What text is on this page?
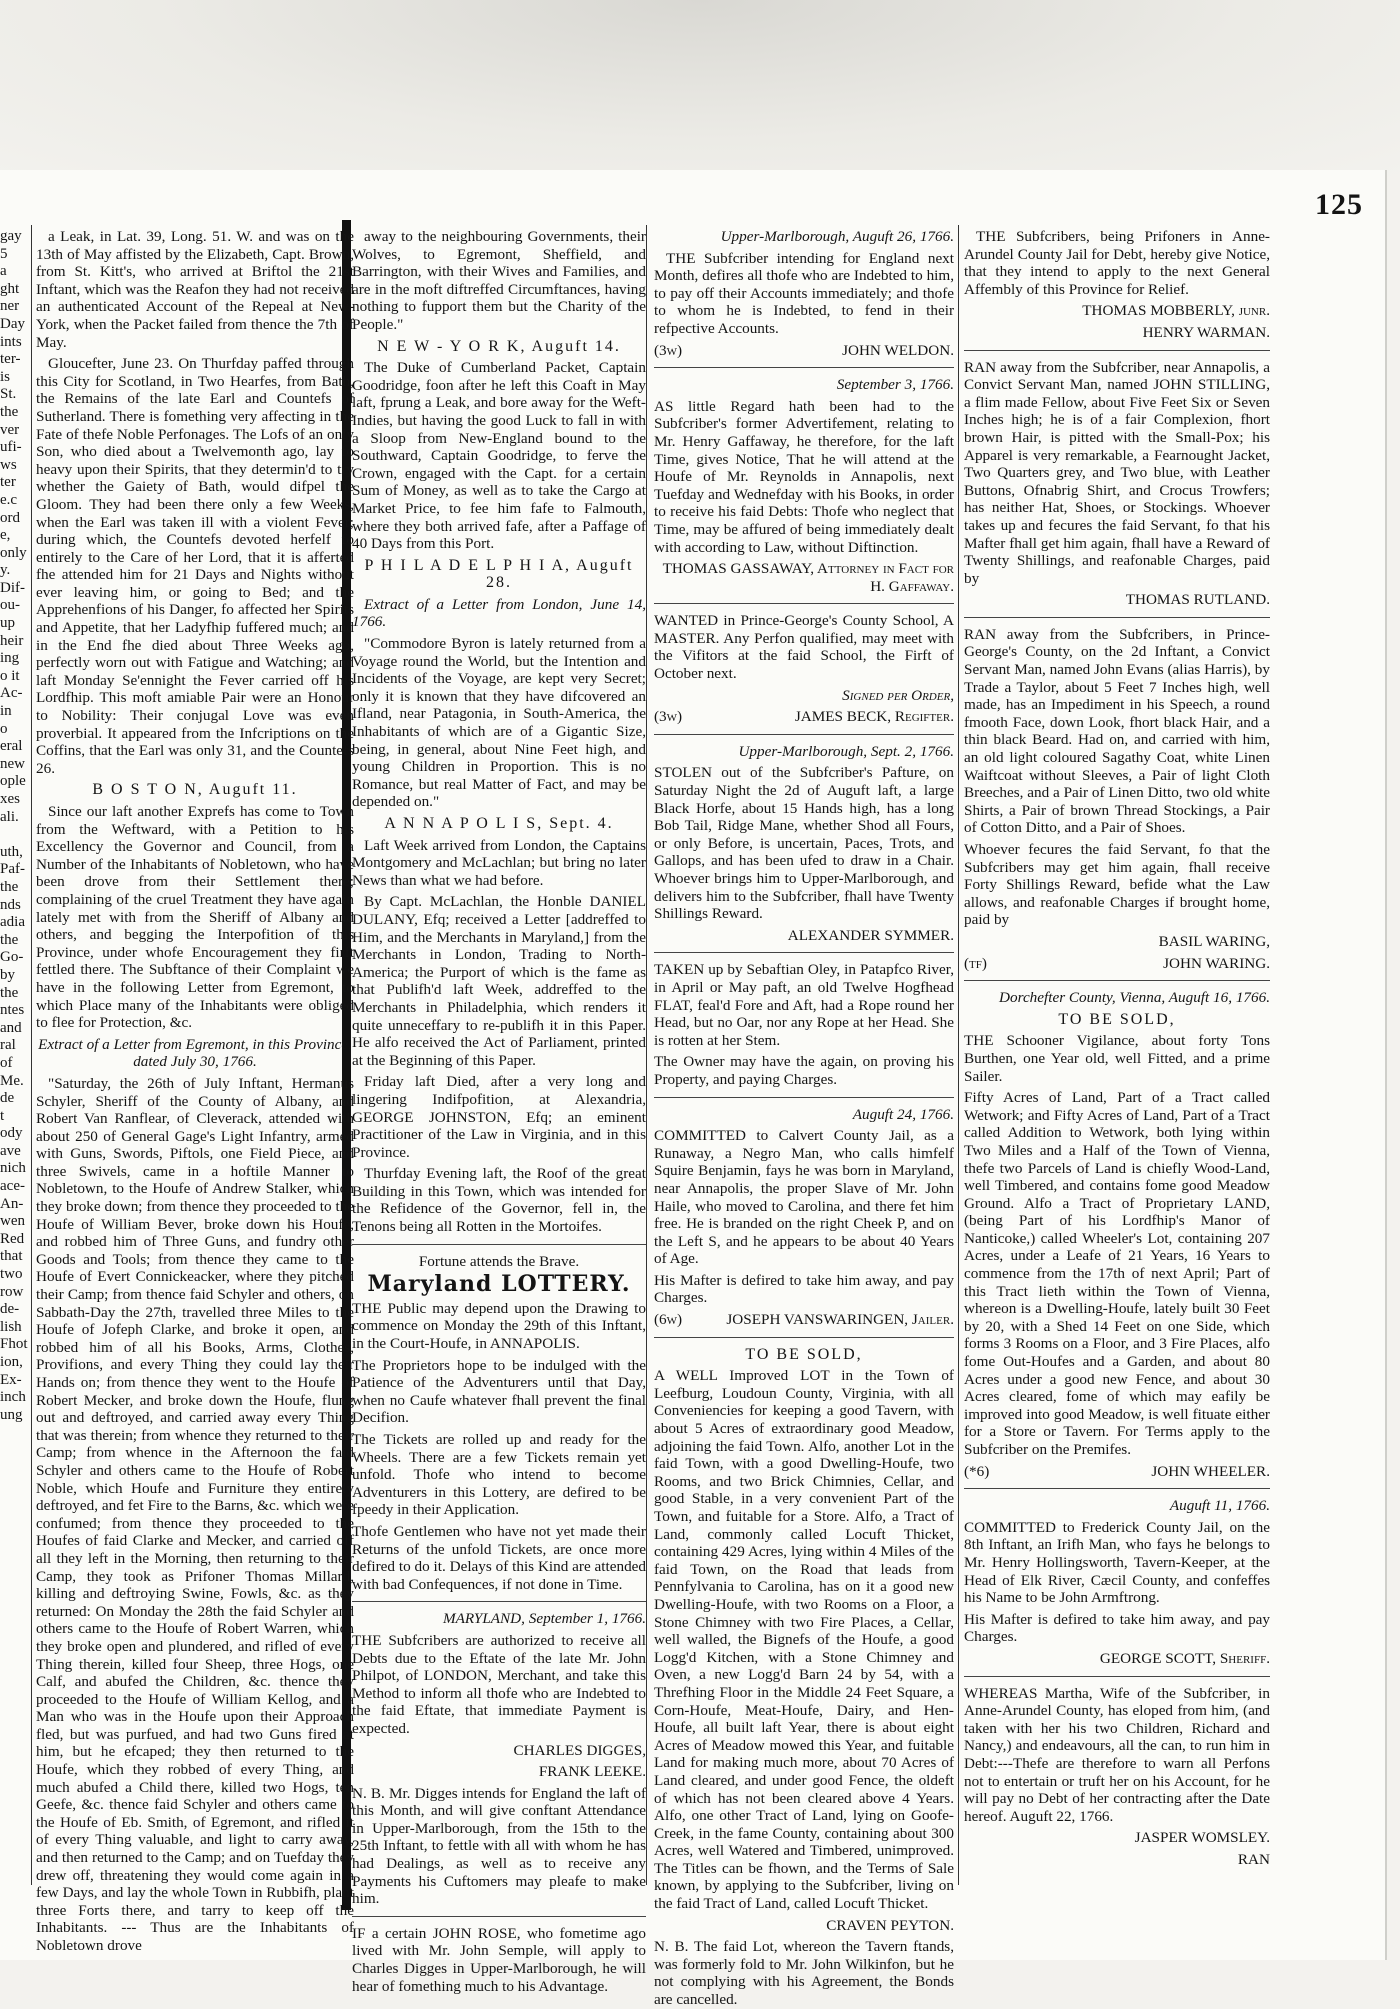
125
gay
5
a
ght
ner
Day
ints
ter-
is
St.
the
ver
ufi-
ws
ter
e.c
ord
e,
only
y.
Dif-
ou-
up
heir
ing
o it
Ac-
in
o
eral
new
ople
xes
ali.

uth,
Paf-
the
nds
adia
the
Go-
by
the
ntes
and
ral
of
Me.
de
t
ody
ave
nich
ace-
An-
wen
Red
that
two
row
de-
lish
Fhot
ion,
Ex-
inch
ung

a Leak, in Lat. 39, Long. 51. W. and was on the 13th of May affisted by the Elizabeth, Capt. Brown, from St. Kitt's, who arrived at Briftol the 21st Inftant, which was the Reafon they had not received an authenticated Account of the Repeal at New-York, when the Packet failed from thence the 7th of May.

Gloucefter, June 23. On Thurfday paffed through this City for Scotland, in Two Hearfes, from Bath, the Remains of the late Earl and Countefs of Sutherland. There is fomething very affecting in the Fate of thefe Noble Perfonages. The Lofs of an only Son, who died about a Twelvemonth ago, lay fo heavy upon their Spirits, that they determin'd to try whether the Gaiety of Bath, would difpel the Gloom. They had been there only a few Weeks, when the Earl was taken ill with a violent Fever; during which, the Countefs devoted herfelf fo entirely to the Care of her Lord, that it is afferted fhe attended him for 21 Days and Nights without ever leaving him, or going to Bed; and the Apprehenfions of his Danger, fo affected her Spirits and Appetite, that her Ladyfhip fuffered much; and in the End fhe died about Three Weeks ago, perfectly worn out with Fatigue and Watching; and laft Monday Se'ennight the Fever carried off his Lordfhip. This moft amiable Pair were an Honour to Nobility: Their conjugal Love was even proverbial. It appeared from the Infcriptions on the Coffins, that the Earl was only 31, and the Countefs 26.

B O S T O N, Auguft 11.

Since our laft another Exprefs has come to Town from the Weftward, with a Petition to his Excellency the Governor and Council, from a Number of the Inhabitants of Nobletown, who have been drove from their Settlement there; complaining of the cruel Treatment they have again lately met with from the Sheriff of Albany and others, and begging the Interpofition of this Province, under whofe Encouragement they firft fettled there. The Subftance of their Complaint we have in the following Letter from Egremont, to which Place many of the Inhabitants were obliged to flee for Protection, &c.

Extract of a Letter from Egremont, in this Province, dated July 30, 1766.

"Saturday, the 26th of July Inftant, Hermanus Schyler, Sheriff of the County of Albany, and Robert Van Ranflear, of Cleverack, attended with about 250 of General Gage's Light Infantry, armed with Guns, Swords, Piftols, one Field Piece, and three Swivels, came in a hoftile Manner to Nobletown, to the Houfe of Andrew Stalker, which they broke down; from thence they proceeded to the Houfe of William Bever, broke down his Houfe, and robbed him of Three Guns, and fundry other Goods and Tools; from thence they came to the Houfe of Evert Connickeacker, where they pitched their Camp; from thence faid Schyler and others, on Sabbath-Day the 27th, travelled three Miles to the Houfe of Jofeph Clarke, and broke it open, and robbed him of all his Books, Arms, Clothes, Provifions, and every Thing they could lay their Hands on; from thence they went to the Houfe of Robert Mecker, and broke down the Houfe, flung out and deftroyed, and carried away every Thing that was therein; from whence they returned to their Camp; from whence in the Afternoon the faid Schyler and others came to the Houfe of Robert Noble, which Houfe and Furniture they entirely deftroyed, and fet Fire to the Barns, &c. which were confumed; from thence they proceeded to the Houfes of faid Clarke and Mecker, and carried off all they left in the Morning, then returning to their Camp, they took as Prifoner Thomas Millard, killing and deftroying Swine, Fowls, &c. as they returned: On Monday the 28th the faid Schyler and others came to the Houfe of Robert Warren, which they broke open and plundered, and rifled of every Thing therein, killed four Sheep, three Hogs, one Calf, and abufed the Children, &c. thence they proceeded to the Houfe of William Kellog, and a Man who was in the Houfe upon their Approach fled, but was purfued, and had two Guns fired at him, but he efcaped; they then returned to the Houfe, which they robbed of every Thing, and much abufed a Child there, killed two Hogs, ten Geefe, &c. thence faid Schyler and others came to the Houfe of Eb. Smith, of Egremont, and rifled it of every Thing valuable, and light to carry away, and then returned to the Camp; and on Tuefday they drew off, threatening they would come again in a few Days, and lay the whole Town in Rubbifh, plant three Forts there, and tarry to keep off the Inhabitants. --- Thus are the Inhabitants of Nobletown drove

away to the neighbouring Governments, their Wolves, to Egremont, Sheffield, and Barrington, with their Wives and Families, and are in the moft diftreffed Circumftances, having nothing to fupport them but the Charity of the People."

N E W - Y O R K, Auguft 14.

The Duke of Cumberland Packet, Captain Goodridge, foon after he left this Coaft in May laft, fprung a Leak, and bore away for the Weft-Indies, but having the good Luck to fall in with a Sloop from New-England bound to the Southward, Captain Goodridge, to ferve the Crown, engaged with the Capt. for a certain Sum of Money, as well as to take the Cargo at Market Price, to fee him fafe to Falmouth, where they both arrived fafe, after a Paffage of 40 Days from this Port.

P H I L A D E L P H I A, Auguft 28.

Extract of a Letter from London, June 14, 1766.

"Commodore Byron is lately returned from a Voyage round the World, but the Intention and Incidents of the Voyage, are kept very Secret; only it is known that they have difcovered an Ifland, near Patagonia, in South-America, the Inhabitants of which are of a Gigantic Size, being, in general, about Nine Feet high, and young Children in Proportion. This is no Romance, but real Matter of Fact, and may be depended on."

A N N A P O L I S, Sept. 4.

Laft Week arrived from London, the Captains Montgomery and McLachlan; but bring no later News than what we had before.

By Capt. McLachlan, the Honble DANIEL DULANY, Efq; received a Letter [addreffed to Him, and the Merchants in Maryland,] from the Merchants in London, Trading to North-America; the Purport of which is the fame as that Publifh'd laft Week, addreffed to the Merchants in Philadelphia, which renders it quite unneceffary to re-publifh it in this Paper. He alfo received the Act of Parliament, printed at the Beginning of this Paper.

Friday laft Died, after a very long and lingering Indifpofition, at Alexandria, GEORGE JOHNSTON, Efq; an eminent Practitioner of the Law in Virginia, and in this Province.

Thurfday Evening laft, the Roof of the great Building in this Town, which was intended for the Refidence of the Governor, fell in, the Tenons being all Rotten in the Mortoifes.

Fortune attends the Brave.

Maryland LOTTERY.

THE Public may depend upon the Drawing to commence on Monday the 29th of this Inftant, in the Court-Houfe, in ANNAPOLIS.

The Proprietors hope to be indulged with the Patience of the Adventurers until that Day, when no Caufe whatever fhall prevent the final Decifion.

The Tickets are rolled up and ready for the Wheels. There are a few Tickets remain yet unfold. Thofe who intend to become Adventurers in this Lottery, are defired to be fpeedy in their Application.

Thofe Gentlemen who have not yet made their Returns of the unfold Tickets, are once more defired to do it. Delays of this Kind are attended with bad Confequences, if not done in Time.

MARYLAND, September 1, 1766.

THE Subfcribers are authorized to receive all Debts due to the Eftate of the late Mr. John Philpot, of LONDON, Merchant, and take this Method to inform all thofe who are Indebted to the faid Eftate, that immediate Payment is expected.

CHARLES DIGGES,

FRANK LEEKE.

N. B. Mr. Digges intends for England the laft of this Month, and will give conftant Attendance in Upper-Marlborough, from the 15th to the 25th Inftant, to fettle with all with whom he has had Dealings, as well as to receive any Payments his Cuftomers may pleafe to make him.

IF a certain JOHN ROSE, who fometime ago lived with Mr. John Semple, will apply to Charles Digges in Upper-Marlborough, he will hear of fomething much to his Advantage.

Upper-Marlborough, Auguft 26, 1766.

THE Subfcriber intending for England next Month, defires all thofe who are Indebted to him, to pay off their Accounts immediately; and thofe to whom he is Indebted, to fend in their refpective Accounts.

(3w)	JOHN WELDON.

September 3, 1766.

AS little Regard hath been had to the Subfcriber's former Advertifement, relating to Mr. Henry Gaffaway, he therefore, for the laft Time, gives Notice, That he will attend at the Houfe of Mr. Reynolds in Annapolis, next Tuefday and Wednefday with his Books, in order to receive his faid Debts: Thofe who neglect that Time, may be affured of being immediately dealt with according to Law, without Diftinction.

THOMAS GASSAWAY, Attorney in Fact for H. Gaffaway.

WANTED in Prince-George's County School, A MASTER. Any Perfon qualified, may meet with the Vifitors at the faid School, the Firft of October next.

Signed per Order,

(3w)	JAMES BECK, Regifter.

Upper-Marlborough, Sept. 2, 1766.

STOLEN out of the Subfcriber's Pafture, on Saturday Night the 2d of Auguft laft, a large Black Horfe, about 15 Hands high, has a long Bob Tail, Ridge Mane, whether Shod all Fours, or only Before, is uncertain, Paces, Trots, and Gallops, and has been ufed to draw in a Chair. Whoever brings him to Upper-Marlborough, and delivers him to the Subfcriber, fhall have Twenty Shillings Reward.

ALEXANDER SYMMER.

TAKEN up by Sebaftian Oley, in Patapfco River, in April or May paft, an old Twelve Hogfhead FLAT, feal'd Fore and Aft, had a Rope round her Head, but no Oar, nor any Rope at her Head. She is rotten at her Stem.

The Owner may have the again, on proving his Property, and paying Charges.

Auguft 24, 1766.

COMMITTED to Calvert County Jail, as a Runaway, a Negro Man, who calls himfelf Squire Benjamin, fays he was born in Maryland, near Annapolis, the proper Slave of Mr. John Haile, who moved to Carolina, and there fet him free. He is branded on the right Cheek P, and on the Left S, and he appears to be about 40 Years of Age.

His Mafter is defired to take him away, and pay Charges.

(6w)	JOSEPH VANSWARINGEN, Jailer.

TO BE SOLD,

A WELL Improved LOT in the Town of Leefburg, Loudoun County, Virginia, with all Conveniencies for keeping a good Tavern, with about 5 Acres of extraordinary good Meadow, adjoining the faid Town. Alfo, another Lot in the faid Town, with a good Dwelling-Houfe, two Rooms, and two Brick Chimnies, Cellar, and good Stable, in a very convenient Part of the Town, and fuitable for a Store. Alfo, a Tract of Land, commonly called Locuft Thicket, containing 429 Acres, lying within 4 Miles of the faid Town, on the Road that leads from Pennfylvania to Carolina, has on it a good new Dwelling-Houfe, with two Rooms on a Floor, a Stone Chimney with two Fire Places, a Cellar, well walled, the Bignefs of the Houfe, a good Logg'd Kitchen, with a Stone Chimney and Oven, a new Logg'd Barn 24 by 54, with a Threfhing Floor in the Middle 24 Feet Square, a Corn-Houfe, Meat-Houfe, Dairy, and Hen-Houfe, all built laft Year, there is about eight Acres of Meadow mowed this Year, and fuitable Land for making much more, about 70 Acres of Land cleared, and under good Fence, the oldeft of which has not been cleared above 4 Years. Alfo, one other Tract of Land, lying on Goofe-Creek, in the fame County, containing about 300 Acres, well Watered and Timbered, unimproved. The Titles can be fhown, and the Terms of Sale known, by applying to the Subfcriber, living on the faid Tract of Land, called Locuft Thicket.

CRAVEN PEYTON.

N. B. The faid Lot, whereon the Tavern ftands, was formerly fold to Mr. John Wilkinfon, but he not complying with his Agreement, the Bonds are cancelled.

THE Subfcribers, being Prifoners in Anne-Arundel County Jail for Debt, hereby give Notice, that they intend to apply to the next General Affembly of this Province for Relief.

THOMAS MOBBERLY, junr.

HENRY WARMAN.

RAN away from the Subfcriber, near Annapolis, a Convict Servant Man, named JOHN STILLING, a flim made Fellow, about Five Feet Six or Seven Inches high; he is of a fair Complexion, fhort brown Hair, is pitted with the Small-Pox; his Apparel is very remarkable, a Fearnought Jacket, Two Quarters grey, and Two blue, with Leather Buttons, Ofnabrig Shirt, and Crocus Trowfers; has neither Hat, Shoes, or Stockings. Whoever takes up and fecures the faid Servant, fo that his Mafter fhall get him again, fhall have a Reward of Twenty Shillings, and reafonable Charges, paid by

THOMAS RUTLAND.

RAN away from the Subfcribers, in Prince-George's County, on the 2d Inftant, a Convict Servant Man, named John Evans (alias Harris), by Trade a Taylor, about 5 Feet 7 Inches high, well made, has an Impediment in his Speech, a round fmooth Face, down Look, fhort black Hair, and a thin black Beard. Had on, and carried with him, an old light coloured Sagathy Coat, white Linen Waiftcoat without Sleeves, a Pair of light Cloth Breeches, and a Pair of Linen Ditto, two old white Shirts, a Pair of brown Thread Stockings, a Pair of Cotton Ditto, and a Pair of Shoes.

Whoever fecures the faid Servant, fo that the Subfcribers may get him again, fhall receive Forty Shillings Reward, befide what the Law allows, and reafonable Charges if brought home, paid by

BASIL WARING,

(tf)	JOHN WARING.

Dorchefter County, Vienna, Auguft 16, 1766.

TO BE SOLD,

THE Schooner Vigilance, about forty Tons Burthen, one Year old, well Fitted, and a prime Sailer.

Fifty Acres of Land, Part of a Tract called Wetwork; and Fifty Acres of Land, Part of a Tract called Addition to Wetwork, both lying within Two Miles and a Half of the Town of Vienna, thefe two Parcels of Land is chiefly Wood-Land, well Timbered, and contains fome good Meadow Ground. Alfo a Tract of Proprietary LAND, (being Part of his Lordfhip's Manor of Nanticoke,) called Wheeler's Lot, containing 207 Acres, under a Leafe of 21 Years, 16 Years to commence from the 17th of next April; Part of this Tract lieth within the Town of Vienna, whereon is a Dwelling-Houfe, lately built 30 Feet by 20, with a Shed 14 Feet on one Side, which forms 3 Rooms on a Floor, and 3 Fire Places, alfo fome Out-Houfes and a Garden, and about 80 Acres under a good new Fence, and about 30 Acres cleared, fome of which may eafily be improved into good Meadow, is well fituate either for a Store or Tavern. For Terms apply to the Subfcriber on the Premifes.

(*6)	JOHN WHEELER.

Auguft 11, 1766.

COMMITTED to Frederick County Jail, on the 8th Inftant, an Irifh Man, who fays he belongs to Mr. Henry Hollingsworth, Tavern-Keeper, at the Head of Elk River, Cæcil County, and confeffes his Name to be John Armftrong.

His Mafter is defired to take him away, and pay Charges.

GEORGE SCOTT, Sheriff.

WHEREAS Martha, Wife of the Subfcriber, in Anne-Arundel County, has eloped from him, (and taken with her his two Children, Richard and Nancy,) and endeavours, all the can, to run him in Debt:---Thefe are therefore to warn all Perfons not to entertain or truft her on his Account, for he will pay no Debt of her contracting after the Date hereof. Auguft 22, 1766.

JASPER WOMSLEY.

RAN
